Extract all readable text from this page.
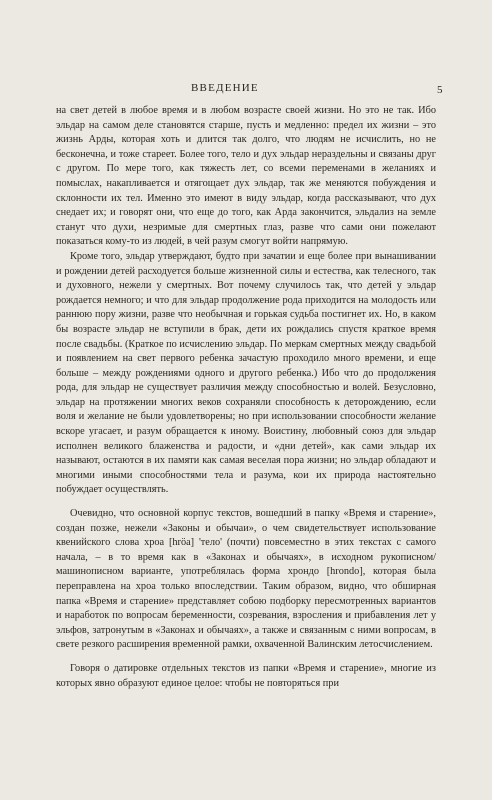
ВВЕДЕНИЕ	5

на свет детей в любое время и в любом возрасте своей жизни. Но это не так. Ибо эльдар на самом деле становятся старше, пусть и медленно: предел их жизни – это жизнь Арды, которая хоть и длится так долго, что людям не исчислить, но не бесконечна, и тоже стареет. Более того, тело и дух эльдар нераздельны и связаны друг с другом. По мере того, как тяжесть лет, со всеми переменами в желаниях и помыслах, накапливается и отягощает дух эльдар, так же меняются побуждения и склонности их тел. Именно это имеют в виду эльдар, когда рассказывают, что дух снедает их; и говорят они, что еще до того, как Арда закончится, эльдализ на земле станут что духи, незримые для смертных глаз, разве что сами они пожелают показаться кому-то из людей, в чей разум смогут войти напрямую.

Кроме того, эльдар утверждают, будто при зачатии и еще более при вынашивании и рождении детей расходуется больше жизненной силы и естества, как телесного, так и духовного, нежели у смертных. Вот почему случилось так, что детей у эльдар рождается немного; и что для эльдар продолжение рода приходится на молодость или раннюю пору жизни, разве что необычная и горькая судьба постигнет их. Но, в каком бы возрасте эльдар не вступили в брак, дети их рождались спустя краткое время после свадьбы. (Краткое по исчислению эльдар. По меркам смертных между свадьбой и появлением на свет первого ребенка зачастую проходило много времени, и еще больше – между рождениями одного и другого ребенка.) Ибо что до продолжения рода, для эльдар не существует различия между способностью и волей. Безусловно, эльдар на протяжении многих веков сохраняли способность к деторождению, если воля и желание не были удовлетворены; но при использовании способности желание вскоре угасает, и разум обращается к иному. Воистину, любовный союз для эльдар исполнен великого блаженства и радости, и «дни детей», как сами эльдар их называют, остаются в их памяти как самая веселая пора жизни; но эльдар обладают и многими иными способностями тела и разума, кои их природа настоятельно побуждает осуществлять.

Очевидно, что основной корпус текстов, вошедший в папку «Время и старение», создан позже, нежели «Законы и обычаи», о чем свидетельствует использование квенийского слова хроа [hröa] 'тело' (почти) повсеместно в этих текстах с самого начала, – в то время как в «Законах и обычаях», в исходном рукописном/машинописном варианте, употреблялась форма хрондо [hrondo], которая была переправлена на хроа только впоследствии. Таким образом, видно, что обширная папка «Время и старение» представляет собою подборку пересмотренных вариантов и наработок по вопросам беременности, созревания, взросления и прибавления лет у эльфов, затронутым в «Законах и обычаях», а также и связанным с ними вопросам, в свете резкого расширения временной рамки, охваченной Валинским летосчислением.

Говоря о датировке отдельных текстов из папки «Время и старение», многие из которых явно образуют единое целое: чтобы не повторяться при
